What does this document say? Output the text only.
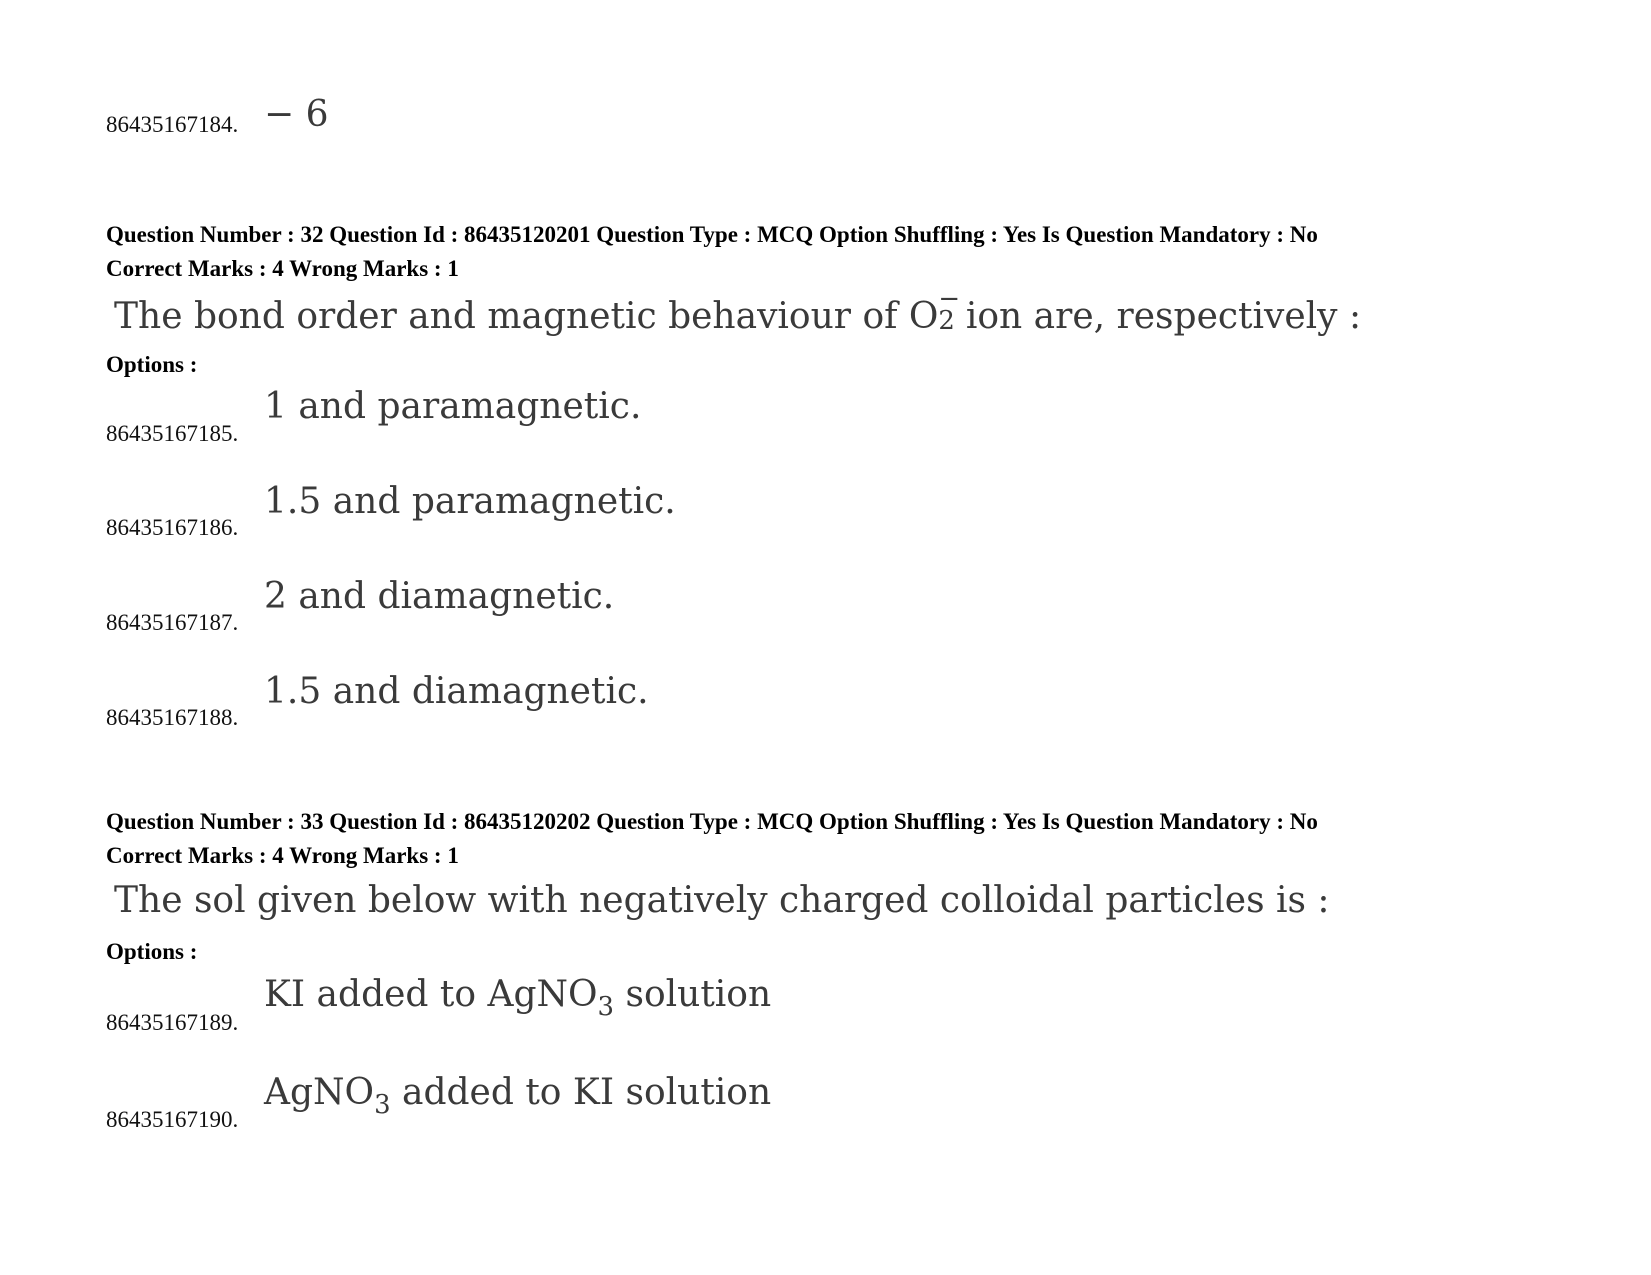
86435167184. − 6
Question Number : 32 Question Id : 86435120201 Question Type : MCQ Option Shuffling : Yes Is Question Mandatory : No
Correct Marks : 4 Wrong Marks : 1
The bond order and magnetic behaviour of O −
2 ion are, respectively :
Options :
86435167185.
1 and paramagnetic.
86435167186.
1.5 and paramagnetic.
86435167187.
2 and diamagnetic.
86435167188.
1.5 and diamagnetic.
Question Number : 33 Question Id : 86435120202 Question Type : MCQ Option Shuffling : Yes Is Question Mandatory : No
Correct Marks : 4 Wrong Marks : 1
The sol given below with negatively charged colloidal particles is :
Options :
86435167189.
KI added to AgNO$_3$ solution
86435167190.
AgNO$_3$ added to KI solution
